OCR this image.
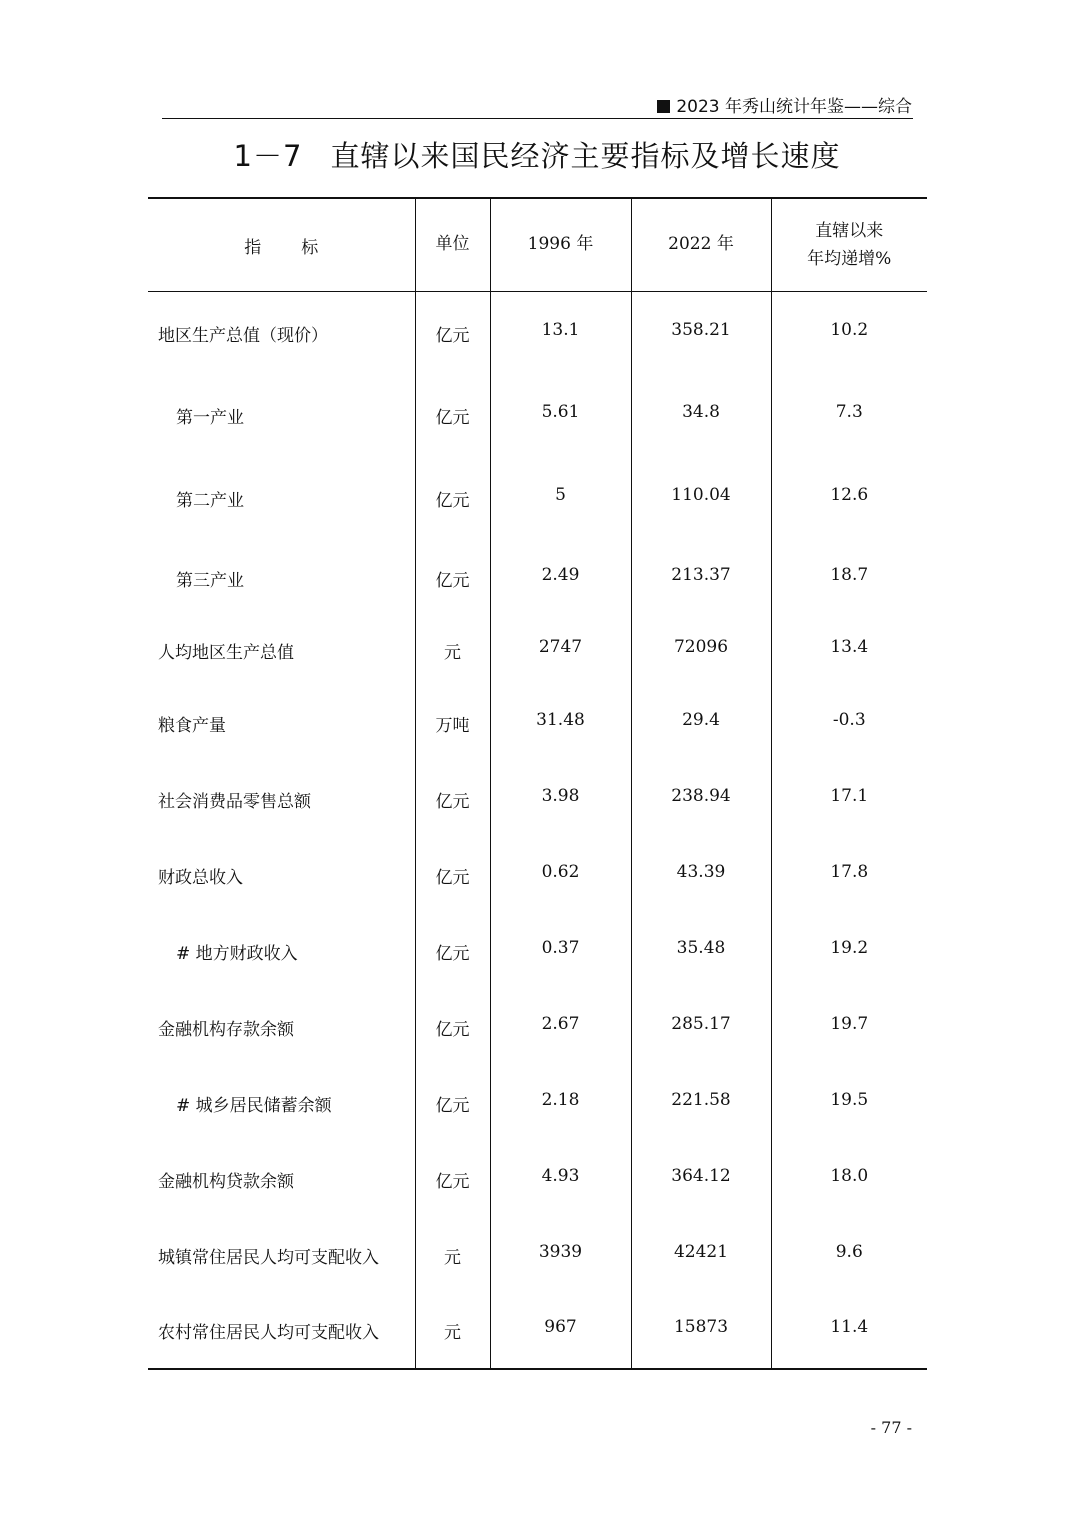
2023 年秀山统计年鉴——综合
1－7 直辖以来国民经济主要指标及增长速度
指标	单位	1996 年	2022 年	直辖以来
年均递增%

地区生产总值（现价）	亿元	13.1	358.21	10.2
第一产业	亿元	5.61	34.8	7.3
第二产业	亿元	5	110.04	12.6
第三产业	亿元	2.49	213.37	18.7
人均地区生产总值	元	2747	72096	13.4
粮食产量	万吨	31.48	29.4	-0.3
社会消费品零售总额	亿元	3.98	238.94	17.1
财政总收入	亿元	0.62	43.39	17.8
# 地方财政收入	亿元	0.37	35.48	19.2
金融机构存款余额	亿元	2.67	285.17	19.7
# 城乡居民储蓄余额	亿元	2.18	221.58	19.5
金融机构贷款余额	亿元	4.93	364.12	18.0
城镇常住居民人均可支配收入	元	3939	42421	9.6
农村常住居民人均可支配收入	元	967	15873	11.4
- 77 -
